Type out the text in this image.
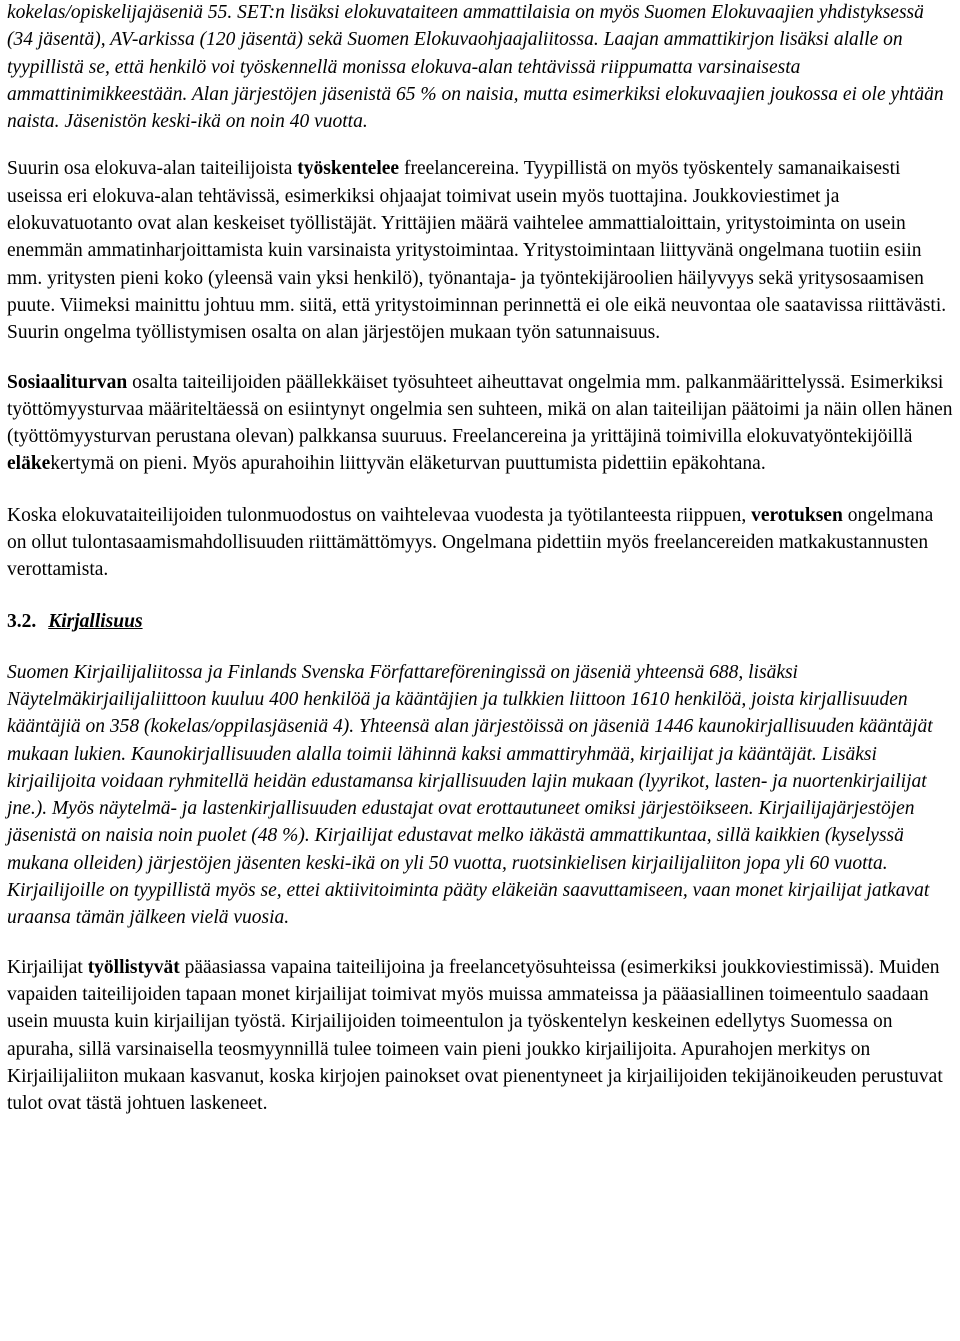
kokelas/opiskelijajäseniä 55. SET:n lisäksi elokuvataiteen ammattilaisia on myös Suomen Elokuvaajien yhdistyksessä (34 jäsentä), AV-arkissa (120 jäsentä) sekä Suomen Elokuvaohjaajaliitossa. Laajan ammattikirjon lisäksi alalle on tyypillistä se, että henkilö voi työskennellä monissa elokuva-alan tehtävissä riippumatta varsinaisesta ammattinimikkeestään. Alan järjestöjen jäsenistä 65 % on naisia, mutta esimerkiksi elokuvaajien joukossa ei ole yhtään naista. Jäsenistön keski-ikä on noin 40 vuotta.

Suurin osa elokuva-alan taiteilijoista työskentelee freelancereina. Tyypillistä on myös työskentely samanaikaisesti useissa eri elokuva-alan tehtävissä, esimerkiksi ohjaajat toimivat usein myös tuottajina. Joukkoviestimet ja elokuvatuotanto ovat alan keskeiset työllistäjät. Yrittäjien määrä vaihtelee ammattialoittain, yritystoiminta on usein enemmän ammatinharjoittamista kuin varsinaista yritystoimintaa. Yritystoimintaan liittyvänä ongelmana tuotiin esiin mm. yritysten pieni koko (yleensä vain yksi henkilö), työnantaja- ja työntekijäroolien häilyvyys sekä yritysosaamisen puute. Viimeksi mainittu johtuu mm. siitä, että yritystoiminnan perinnettä ei ole eikä neuvontaa ole saatavissa riittävästi. Suurin ongelma työllistymisen osalta on alan järjestöjen mukaan työn satunnaisuus.

Sosiaaliturvan osalta taiteilijoiden päällekkäiset työsuhteet aiheuttavat ongelmia mm. palkanmäärittelyssä. Esimerkiksi työttömyysturvaa määriteltäessä on esiintynyt ongelmia sen suhteen, mikä on alan taiteilijan päätoimi ja näin ollen hänen (työttömyysturvan perustana olevan) palkkansa suuruus. Freelancereina ja yrittäjinä toimivilla elokuvatyöntekijöillä eläkekertymä on pieni. Myös apurahoihin liittyvän eläketurvan puuttumista pidettiin epäkohtana.

Koska elokuvataiteilijoiden tulonmuodostus on vaihtelevaa vuodesta ja työtilanteesta riippuen, verotuksen ongelmana on ollut tulontasaamismahdollisuuden riittämättömyys. Ongelmana pidettiin myös freelancereiden matkakustannusten verottamista.

3.2. Kirjallisuus

Suomen Kirjailijaliitossa ja Finlands Svenska Författareföreningissä on jäseniä yhteensä 688, lisäksi Näytelmäkirjailijaliittoon kuuluu 400 henkilöä ja kääntäjien ja tulkkien liittoon 1610 henkilöä, joista kirjallisuuden kääntäjiä on 358 (kokelas/oppilasjäseniä 4). Yhteensä alan järjestöissä on jäseniä 1446 kaunokirjallisuuden kääntäjät mukaan lukien. Kaunokirjallisuuden alalla toimii lähinnä kaksi ammattiryhmää, kirjailijat ja kääntäjät. Lisäksi kirjailijoita voidaan ryhmitellä heidän edustamansa kirjallisuuden lajin mukaan (lyyrikot, lasten- ja nuortenkirjailijat jne.). Myös näytelmä- ja lastenkirjallisuuden edustajat ovat erottautuneet omiksi järjestöikseen. Kirjailijajärjestöjen jäsenistä on naisia noin puolet (48 %). Kirjailijat edustavat melko iäkästä ammattikuntaa, sillä kaikkien (kyselyssä mukana olleiden) järjestöjen jäsenten keski-ikä on yli 50 vuotta, ruotsinkielisen kirjailijaliiton jopa yli 60 vuotta. Kirjailijoille on tyypillistä myös se, ettei aktiivitoiminta pääty eläkeiän saavuttamiseen, vaan monet kirjailijat jatkavat uraansa tämän jälkeen vielä vuosia.

Kirjailijat työllistyvät pääasiassa vapaina taiteilijoina ja freelancetyösuhteissa (esimerkiksi joukkoviestimissä). Muiden vapaiden taiteilijoiden tapaan monet kirjailijat toimivat myös muissa ammateissa ja pääasiallinen toimeentulo saadaan usein muusta kuin kirjailijan työstä. Kirjailijoiden toimeentulon ja työskentelyn keskeinen edellytys Suomessa on apuraha, sillä varsinaisella teosmyynnillä tulee toimeen vain pieni joukko kirjailijoita. Apurahojen merkitys on Kirjailijaliiton mukaan kasvanut, koska kirjojen painokset ovat pienentyneet ja kirjailijoiden tekijänoikeuden perustuvat tulot ovat tästä johtuen laskeneet.
